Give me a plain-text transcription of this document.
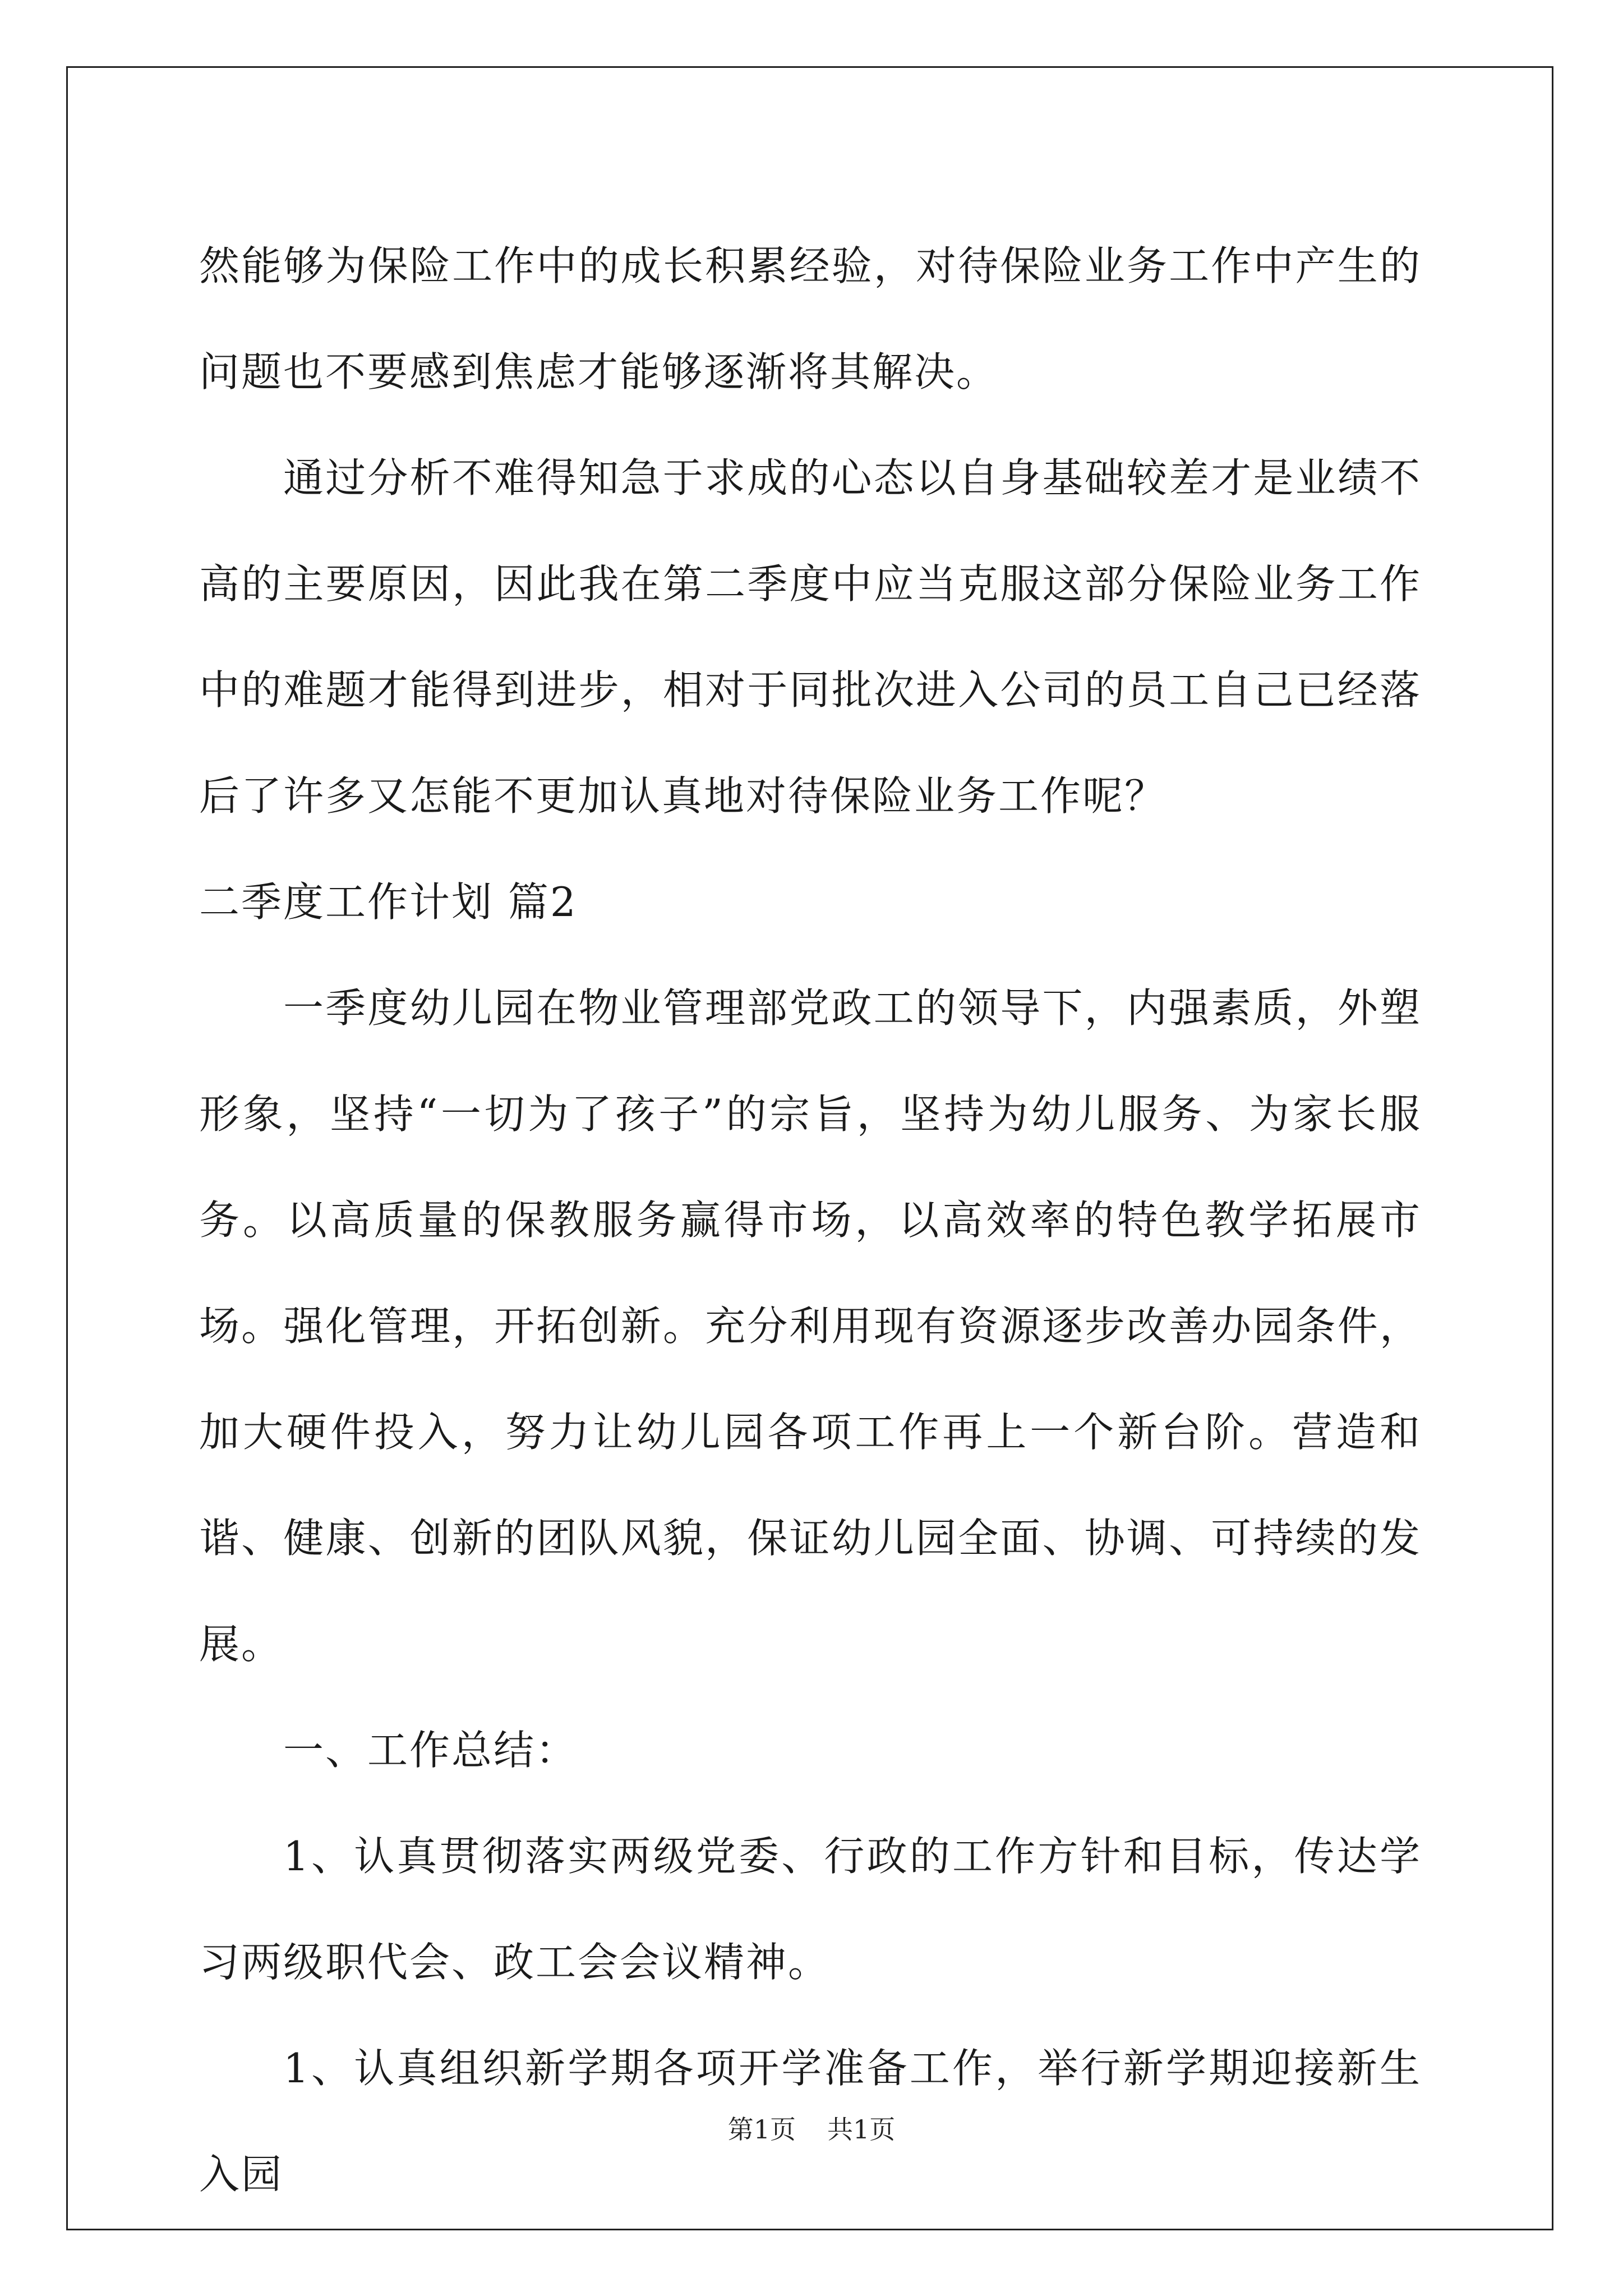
然能够为保险工作中的成长积累经验，对待保险业务工作中产生的问题也不要感到焦虑才能够逐渐将其解决。

通过分析不难得知急于求成的心态以自身基础较差才是业绩不高的主要原因，因此我在第二季度中应当克服这部分保险业务工作中的难题才能得到进步，相对于同批次进入公司的员工自己已经落后了许多又怎能不更加认真地对待保险业务工作呢？

二季度工作计划 篇2

一季度幼儿园在物业管理部党政工的领导下，内强素质，外塑形象，坚持“一切为了孩子”的宗旨，坚持为幼儿服务、为家长服务。以高质量的保教服务赢得市场，以高效率的特色教学拓展市场。强化管理，开拓创新。充分利用现有资源逐步改善办园条件，加大硬件投入，努力让幼儿园各项工作再上一个新台阶。营造和谐、健康、创新的团队风貌，保证幼儿园全面、协调、可持续的发展。

一、工作总结：

1、认真贯彻落实两级党委、行政的工作方针和目标，传达学习两级职代会、政工会会议精神。

1、认真组织新学期各项开学准备工作，举行新学期迎接新生入园

第1页 共1页
